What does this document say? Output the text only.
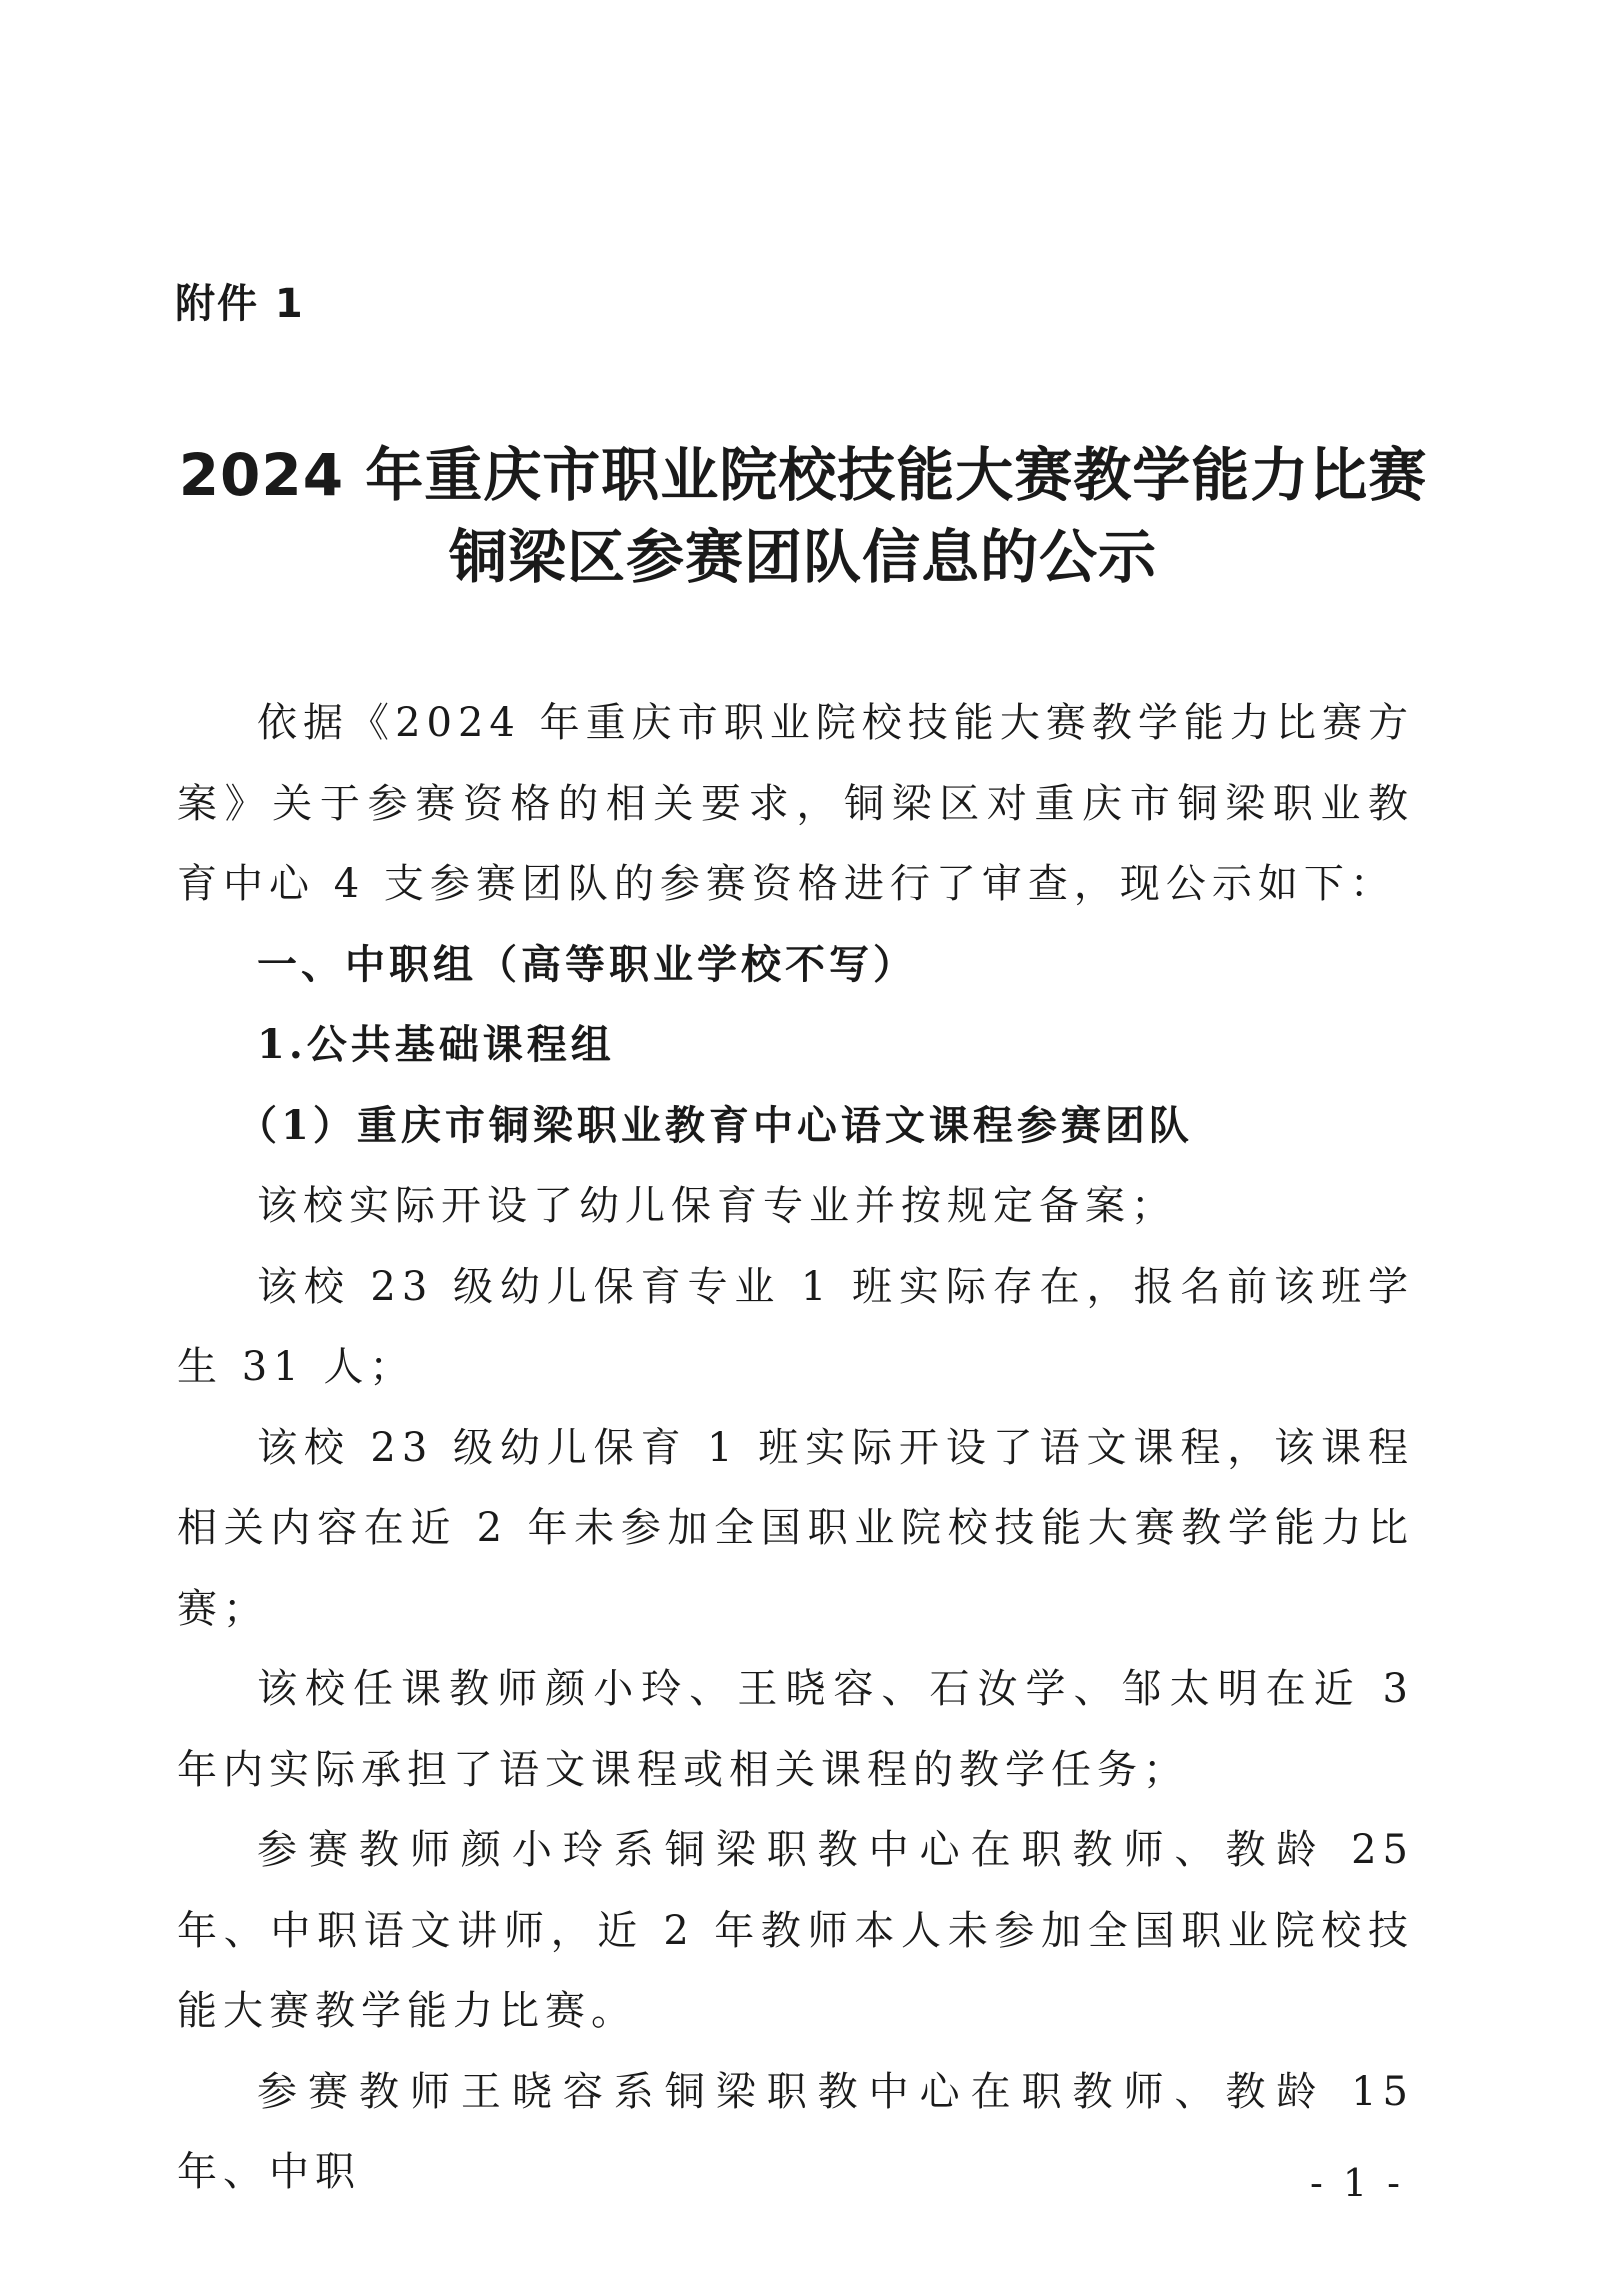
附件 1
2024 年重庆市职业院校技能大赛教学能力比赛
铜梁区参赛团队信息的公示

依据《2024 年重庆市职业院校技能大赛教学能力比赛方案》关于参赛资格的相关要求，铜梁区对重庆市铜梁职业教育中心 4 支参赛团队的参赛资格进行了审查，现公示如下：

一、中职组（高等职业学校不写）

1.公共基础课程组

（1）重庆市铜梁职业教育中心语文课程参赛团队

该校实际开设了幼儿保育专业并按规定备案；

该校 23 级幼儿保育专业 1 班实际存在，报名前该班学生 31 人；

该校 23 级幼儿保育 1 班实际开设了语文课程，该课程相关内容在近 2 年未参加全国职业院校技能大赛教学能力比赛；

该校任课教师颜小玲、王晓容、石汝学、邹太明在近 3 年内实际承担了语文课程或相关课程的教学任务；

参赛教师颜小玲系铜梁职教中心在职教师、教龄 25 年、中职语文讲师，近 2 年教师本人未参加全国职业院校技能大赛教学能力比赛。

参赛教师王晓容系铜梁职教中心在职教师、教龄 15 年、中职	- 1 -
